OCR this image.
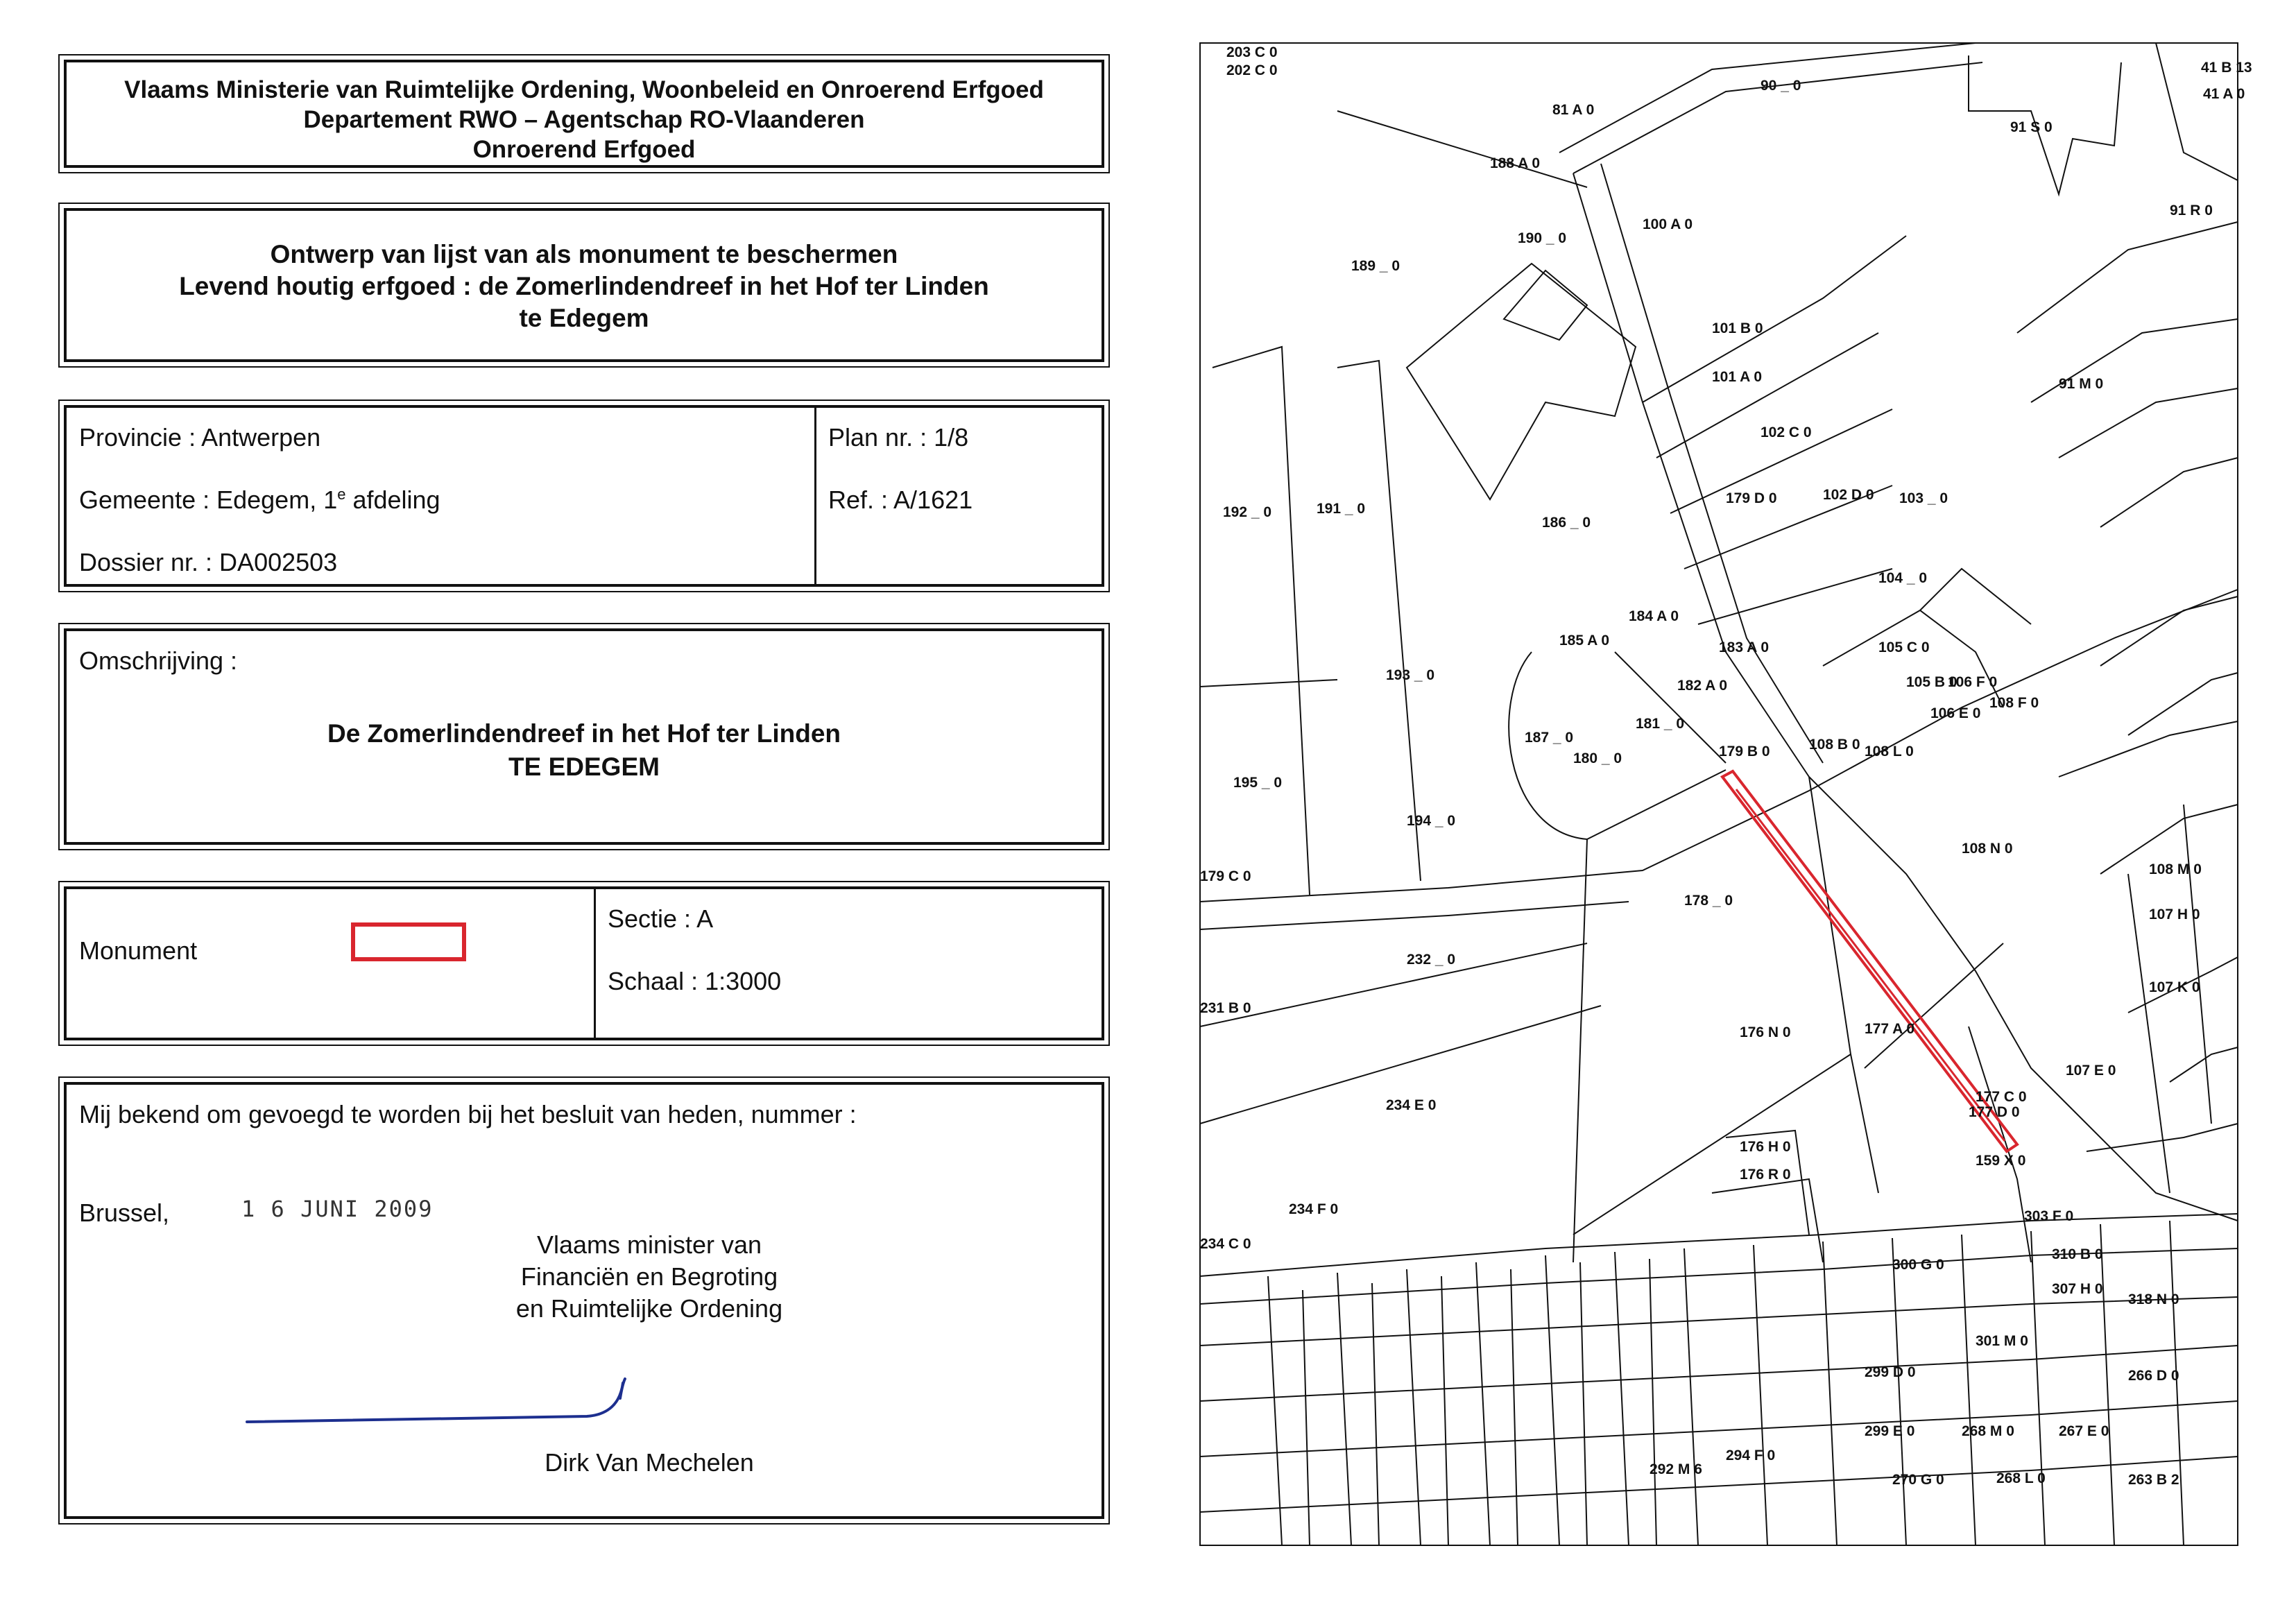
Vlaams Ministerie van Ruimtelijke Ordening, Woonbeleid en Onroerend Erfgoed
Departement RWO – Agentschap RO-Vlaanderen
Onroerend Erfgoed
Ontwerp van lijst van als monument te beschermen
Levend houtig erfgoed : de Zomerlindendreef in het Hof ter Linden
te Edegem
Provincie : Antwerpen
Gemeente : Edegem, 1e afdeling
Dossier nr. : DA002503
Plan nr. : 1/8
Ref. : A/1621
Omschrijving :
De Zomerlindendreef in het Hof ter Linden
TE EDEGEM
Monument
Sectie : A
Schaal : 1:3000
Mij bekend om gevoegd te worden bij het besluit van heden, nummer :
Brussel,	1 6 JUNI 2009
Vlaams minister van
Financiën en Begroting
en Ruimtelijke Ordening
Dirk Van Mechelen
203 C 0
202 C 0
81 A 0
90 _ 0
91 S 0
41 B 13
41 A 0
188 A 0
190 _ 0
100 A 0
91 R 0
189 _ 0
101 B 0
101 A 0
102 C 0
91 M 0
192 _ 0	191 _ 0
186 _ 0
179 D 0	102 D 0 103 _ 0
104 _ 0
184 A 0
185 A 0	183 A 0	105 C 0
193 _ 0
182 A 0	105 B 0
106 F 0
106 E 0
108 F 0
181 _ 0
187 _ 0
180 _ 0	179 B 0	108 B 0 108 L 0
195 _ 0
194 _ 0
179 C 0
108 N 0
108 M 0
178 _ 0
107 H 0
232 _ 0
231 B 0
107 K 0
176 N 0	177 A 0
177 C 0
177 D 0
107 E 0
234 E 0
176 H 0
176 R 0
159 X 0
234 F 0
234 C 0
300 G 0
303 F 0
310 B 0
307 H 0
318 N 0
301 M 0
299 D 0	266 D 0
299 E 0	268 M 0	267 E 0
294 F 0
292 M 6
263 B 2
270 G 0	268 L 0
